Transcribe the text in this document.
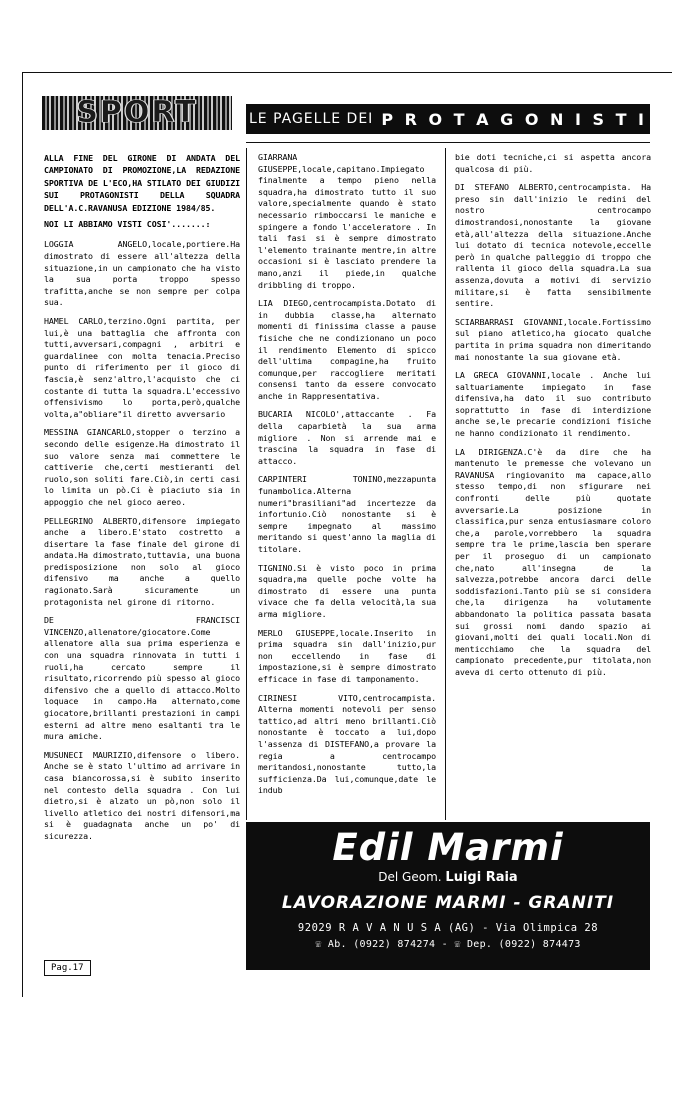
SPORT	LE PAGELLE DEI P R O T A G O N I S T I
ALLA FINE DEL GIRONE DI ANDATA DEL CAMPIONATO DI PROMOZIONE,LA REDAZIONE SPORTIVA DE L'ECO,HA STILATO DEI GIUDIZI SUI PROTAGONISTI DELLA SQUADRA DELL'A.C.RAVANUSA EDIZIONE 1984/85.
NOI LI ABBIAMO VISTI COSI'.......:

LOGGIA ANGELO,locale,portiere.Ha dimostrato di essere all'altezza della situazione,in un campionato che ha visto la sua porta troppo spesso trafitta,anche se non sempre per colpa sua.

HAMEL CARLO,terzino.Ogni partita, per lui,è una battaglia che affronta con tutti,avversari,compagni , arbitri e guardalinee con molta tenacia.Preciso punto di riferimento per il gioco di fascia,è senz'altro,l'acquisto che ci costante di tutta la squadra.L'eccessivo offensivismo lo porta,però,qualche volta,a"obliare"il diretto avversario

MESSINA GIANCARLO,stopper o terzino a secondo delle esigenze.Ha dimostrato il suo valore senza mai commettere le cattiverie che,certi mestieranti del ruolo,son soliti fare.Ciò,in certi casi lo limita un pò.Ci è piaciuto sia in appoggio che nel gioco aereo.

PELLEGRINO ALBERTO,difensore impiegato anche a libero.E'stato costretto a disertare la fase finale del girone di andata.Ha dimostrato,tuttavia, una buona predisposizione non solo al gioco difensivo ma anche a quello ragionato.Sarà sicuramente un protagonista nel girone di ritorno.

DE FRANCISCI VINCENZO,allenatore/giocatore.Come allenatore alla sua prima esperienza e con una squadra rinnovata in tutti i ruoli,ha cercato sempre il risultato,ricorrendo più spesso al gioco difensivo che a quello di attacco.Molto loquace in campo.Ha alternato,come giocatore,brillanti prestazioni in campi esterni ad altre meno esaltanti tra le mura amiche.

MUSUNECI MAURIZIO,difensore o libero. Anche se è stato l'ultimo ad arrivare in casa biancorossa,si è subito inserito nel contesto della squadra . Con lui dietro,si è alzato un pò,non solo il livello atletico dei nostri difensori,ma si è guadagnata anche un po' di sicurezza.

GIARRANA GIUSEPPE,locale,capitano.Impiegato finalmente a tempo pieno nella squadra,ha dimostrato tutto il suo valore,specialmente quando è stato necessario rimboccarsi le maniche e spingere a fondo l'acceleratore . In tali fasi si è sempre dimostrato l'elemento trainante mentre,in altre occasioni si è lasciato prendere la mano,anzi il piede,in qualche dribbling di troppo.

LIA DIEGO,centrocampista.Dotato di in dubbia classe,ha alternato momenti di finissima classe a pause fisiche che ne condizionano un poco il rendimento Elemento di spicco dell'ultima compagine,ha fruito comunque,per raccogliere meritati consensi tanto da essere convocato anche in Rappresentativa.

BUCARIA NICOLO',attaccante . Fa della caparbietà la sua arma migliore . Non si arrende mai e trascina la squadra in fase di attacco.

CARPINTERI TONINO,mezzapunta funambolica.Alterna numeri"brasiliani"ad incertezze da infortunio.Ciò nonostante si è sempre impegnato al massimo meritando si quest'anno la maglia di titolare.

TIGNINO.Si è visto poco in prima squadra,ma quelle poche volte ha dimostrato di essere una punta vivace che fa della velocità,la sua arma migliore.

MERLO GIUSEPPE,locale.Inserito in prima squadra sin dall'inizio,pur non eccellendo in fase di impostazione,si è sempre dimostrato efficace in fase di tamponamento.

CIRINESI VITO,centrocampista. Alterna momenti notevoli per senso tattico,ad altri meno brillanti.Ciò nonostante è toccato a lui,dopo l'assenza di DISTEFANO,a provare la regia a centrocampo meritandosi,nonostante tutto,la sufficienza.Da lui,comunque,date le indub

bie doti tecniche,ci si aspetta ancora qualcosa di più.

DI STEFANO ALBERTO,centrocampista. Ha preso sin dall'inizio le redini del nostro centrocampo dimostrandosi,nonostante la giovane età,all'altezza della situazione.Anche lui dotato di tecnica notevole,eccelle però in qualche palleggio di troppo che rallenta il gioco della squadra.La sua assenza,dovuta a motivi di servizio militare,si è fatta sensibilmente sentire.

SCIARBARRASI GIOVANNI,locale.Fortissimo sul piano atletico,ha giocato qualche partita in prima squadra non dimeritando mai nonostante la sua giovane età.

LA GRECA GIOVANNI,locale . Anche lui saltuariamente impiegato in fase difensiva,ha dato il suo contributo soprattutto in fase di interdizione anche se,le precarie condizioni fisiche ne hanno condizionato il rendimento.

LA DIRIGENZA.C'è da dire che ha mantenuto le premesse che volevano un RAVANUSA ringiovanito ma capace,allo stesso tempo,di non sfigurare nei confronti delle più quotate avversarie.La posizione in classifica,pur senza entusiasmare coloro che,a parole,vorrebbero la squadra sempre tra le prime,lascia ben sperare per il proseguo di un campionato che,nato all'insegna de la salvezza,potrebbe ancora darci delle soddisfazioni.Tanto più se si considera che,la dirigenza ha volutamente abbandonato la politica passata basata sui grossi nomi dando spazio ai giovani,molti dei quali locali.Non di menticchiamo che la squadra del campionato precedente,pur titolata,non aveva di certo ottenuto di più.

Edil Marmi
Del Geom. Luigi Raia
LAVORAZIONE MARMI - GRANITI
92029 R A V A N U S A (AG) - Via Olimpica 28
☏ Ab. (0922) 874274 - ☏ Dep. (0922) 874473
Pag.17
